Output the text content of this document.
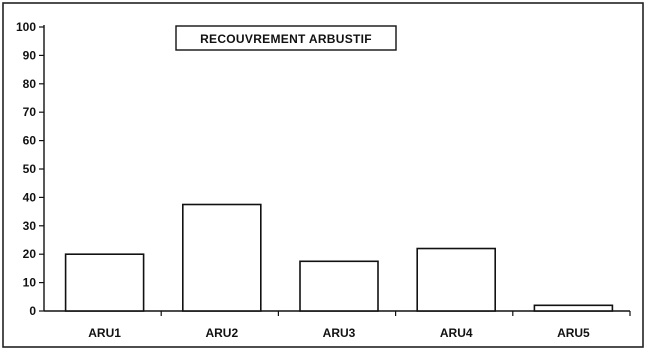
RECOUVREMENT ARBUSTIF
0
10
20
30
40
50
60
70
80
90
100
ARU1	ARU2	ARU3	ARU4	ARU5
